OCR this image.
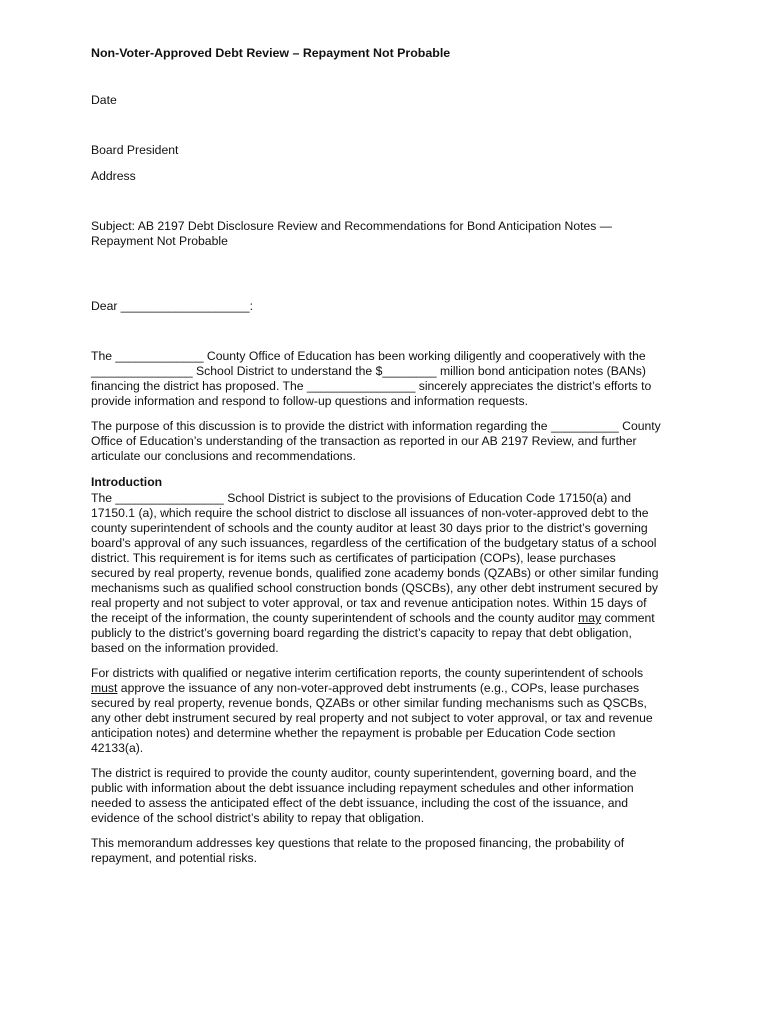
Non-Voter-Approved Debt Review – Repayment Not Probable
Date
Board President
Address
Subject: AB 2197 Debt Disclosure Review and Recommendations for Bond Anticipation Notes —
Repayment Not Probable
Dear ___________________:
The _____________ County Office of Education has been working diligently and cooperatively with the
_______________ School District to understand the $________ million bond anticipation notes (BANs)
financing the district has proposed. The ________________ sincerely appreciates the district’s efforts to
provide information and respond to follow-up questions and information requests.
The purpose of this discussion is to provide the district with information regarding the __________ County
Office of Education’s understanding of the transaction as reported in our AB 2197 Review, and further
articulate our conclusions and recommendations.
Introduction
The ________________ School District is subject to the provisions of Education Code 17150(a) and
17150.1 (a), which require the school district to disclose all issuances of non-voter-approved debt to the
county superintendent of schools and the county auditor at least 30 days prior to the district’s governing
board’s approval of any such issuances, regardless of the certification of the budgetary status of a school
district. This requirement is for items such as certificates of participation (COPs), lease purchases
secured by real property, revenue bonds, qualified zone academy bonds (QZABs) or other similar funding
mechanisms such as qualified school construction bonds (QSCBs), any other debt instrument secured by
real property and not subject to voter approval, or tax and revenue anticipation notes. Within 15 days of
the receipt of the information, the county superintendent of schools and the county auditor may comment
publicly to the district’s governing board regarding the district’s capacity to repay that debt obligation,
based on the information provided.
For districts with qualified or negative interim certification reports, the county superintendent of schools
must approve the issuance of any non-voter-approved debt instruments (e.g., COPs, lease purchases
secured by real property, revenue bonds, QZABs or other similar funding mechanisms such as QSCBs,
any other debt instrument secured by real property and not subject to voter approval, or tax and revenue
anticipation notes) and determine whether the repayment is probable per Education Code section
42133(a).
The district is required to provide the county auditor, county superintendent, governing board, and the
public with information about the debt issuance including repayment schedules and other information
needed to assess the anticipated effect of the debt issuance, including the cost of the issuance, and
evidence of the school district’s ability to repay that obligation.
This memorandum addresses key questions that relate to the proposed financing, the probability of
repayment, and potential risks.
